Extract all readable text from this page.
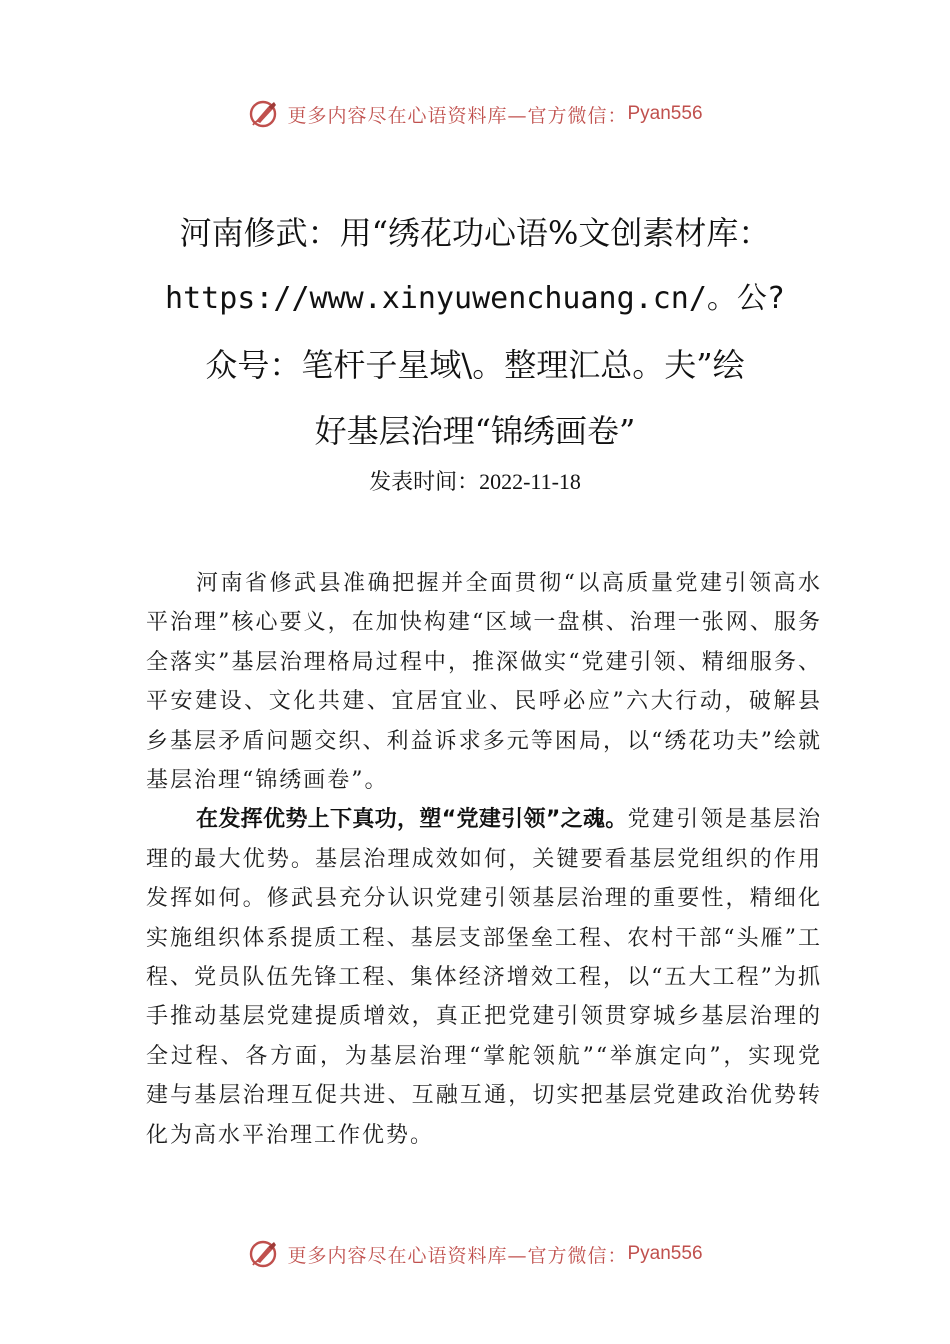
更多内容尽在心语资料库—官方微信： Pyan556
河南修武：用“绣花功心语%文创素材库：
https://www.xinyuwenchuang.cn/。公?
众号：笔杆子星域\。整理汇总。夫”绘
好基层治理“锦绣画卷”
发表时间：2022-11-18

河南省修武县准确把握并全面贯彻“以高质量党建引领高水平治理”核心要义，在加快构建“区域一盘棋、治理一张网、服务全落实”基层治理格局过程中，推深做实“党建引领、精细服务、平安建设、文化共建、宜居宜业、民呼必应”六大行动，破解县乡基层矛盾问题交织、利益诉求多元等困局，以“绣花功夫”绘就基层治理“锦绣画卷”。

在发挥优势上下真功，塑“党建引领”之魂。党建引领是基层治理的最大优势。基层治理成效如何，关键要看基层党组织的作用发挥如何。修武县充分认识党建引领基层治理的重要性，精细化实施组织体系提质工程、基层支部堡垒工程、农村干部“头雁”工程、党员队伍先锋工程、集体经济增效工程，以“五大工程”为抓手推动基层党建提质增效，真正把党建引领贯穿城乡基层治理的全过程、各方面，为基层治理“掌舵领航”“举旗定向”，实现党建与基层治理互促共进、互融互通，切实把基层党建政治优势转化为高水平治理工作优势。

更多内容尽在心语资料库—官方微信： Pyan556
